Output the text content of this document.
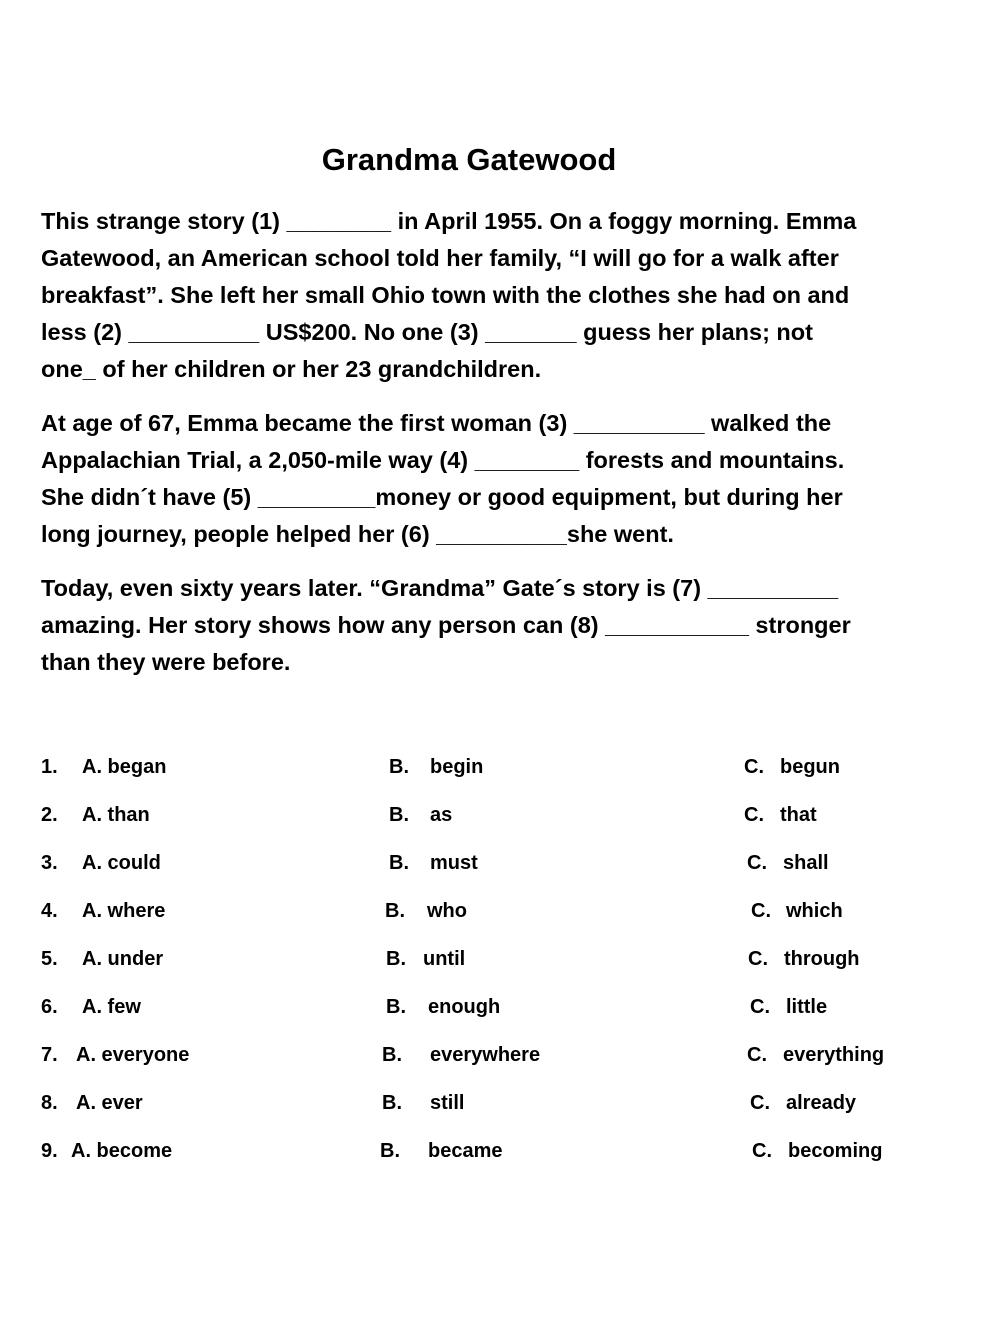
Grandma Gatewood
This strange story (1) ________ in April 1955. On a foggy morning. Emma
Gatewood, an American school told her family, “I will go for a walk after
breakfast”. She left her small Ohio town with the clothes she had on and
less (2) __________ US$200. No one (3) _______ guess her plans; not
one_ of her children or her 23 grandchildren.
At age of 67, Emma became the first woman (3) __________ walked the
Appalachian Trial, a 2,050-mile way (4) ________ forests and mountains.
She didn´t have (5) _________money or good equipment, but during her
long journey, people helped her (6) __________she went.
Today, even sixty years later. “Grandma” Gate´s story is (7) __________
amazing. Her story shows how any person can (8) ___________ stronger
than they were before.
1. A. began	B. begin	C. begun
2. A. than	B. as	C. that
3. A. could	B. must	C. shall
4. A. where	B. who	C. which
5. A. under	B. until	C. through
6. A. few	B. enough	C. little
7. A. everyone	B. everywhere	C. everything
8. A. ever	B. still	C. already
9. A. become	B. became	C. becoming
